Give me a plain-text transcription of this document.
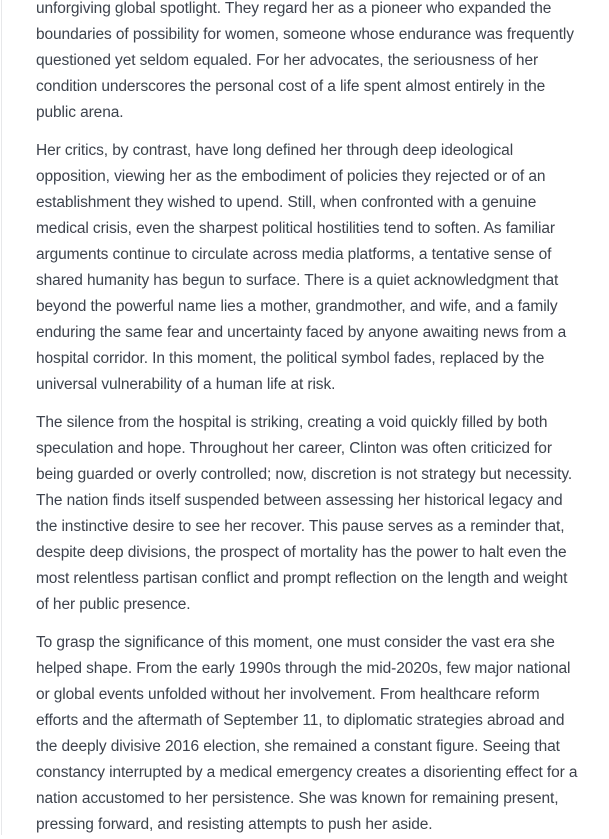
unforgiving global spotlight. They regard her as a pioneer who expanded the
boundaries of possibility for women, someone whose endurance was frequently
questioned yet seldom equaled. For her advocates, the seriousness of her
condition underscores the personal cost of a life spent almost entirely in the
public arena.

Her critics, by contrast, have long defined her through deep ideological
opposition, viewing her as the embodiment of policies they rejected or of an
establishment they wished to upend. Still, when confronted with a genuine
medical crisis, even the sharpest political hostilities tend to soften. As familiar
arguments continue to circulate across media platforms, a tentative sense of
shared humanity has begun to surface. There is a quiet acknowledgment that
beyond the powerful name lies a mother, grandmother, and wife, and a family
enduring the same fear and uncertainty faced by anyone awaiting news from a
hospital corridor. In this moment, the political symbol fades, replaced by the
universal vulnerability of a human life at risk.

The silence from the hospital is striking, creating a void quickly filled by both
speculation and hope. Throughout her career, Clinton was often criticized for
being guarded or overly controlled; now, discretion is not strategy but necessity.
The nation finds itself suspended between assessing her historical legacy and
the instinctive desire to see her recover. This pause serves as a reminder that,
despite deep divisions, the prospect of mortality has the power to halt even the
most relentless partisan conflict and prompt reflection on the length and weight
of her public presence.

To grasp the significance of this moment, one must consider the vast era she
helped shape. From the early 1990s through the mid-2020s, few major national
or global events unfolded without her involvement. From healthcare reform
efforts and the aftermath of September 11, to diplomatic strategies abroad and
the deeply divisive 2016 election, she remained a constant figure. Seeing that
constancy interrupted by a medical emergency creates a disorienting effect for a
nation accustomed to her persistence. She was known for remaining present,
pressing forward, and resisting attempts to push her aside.
